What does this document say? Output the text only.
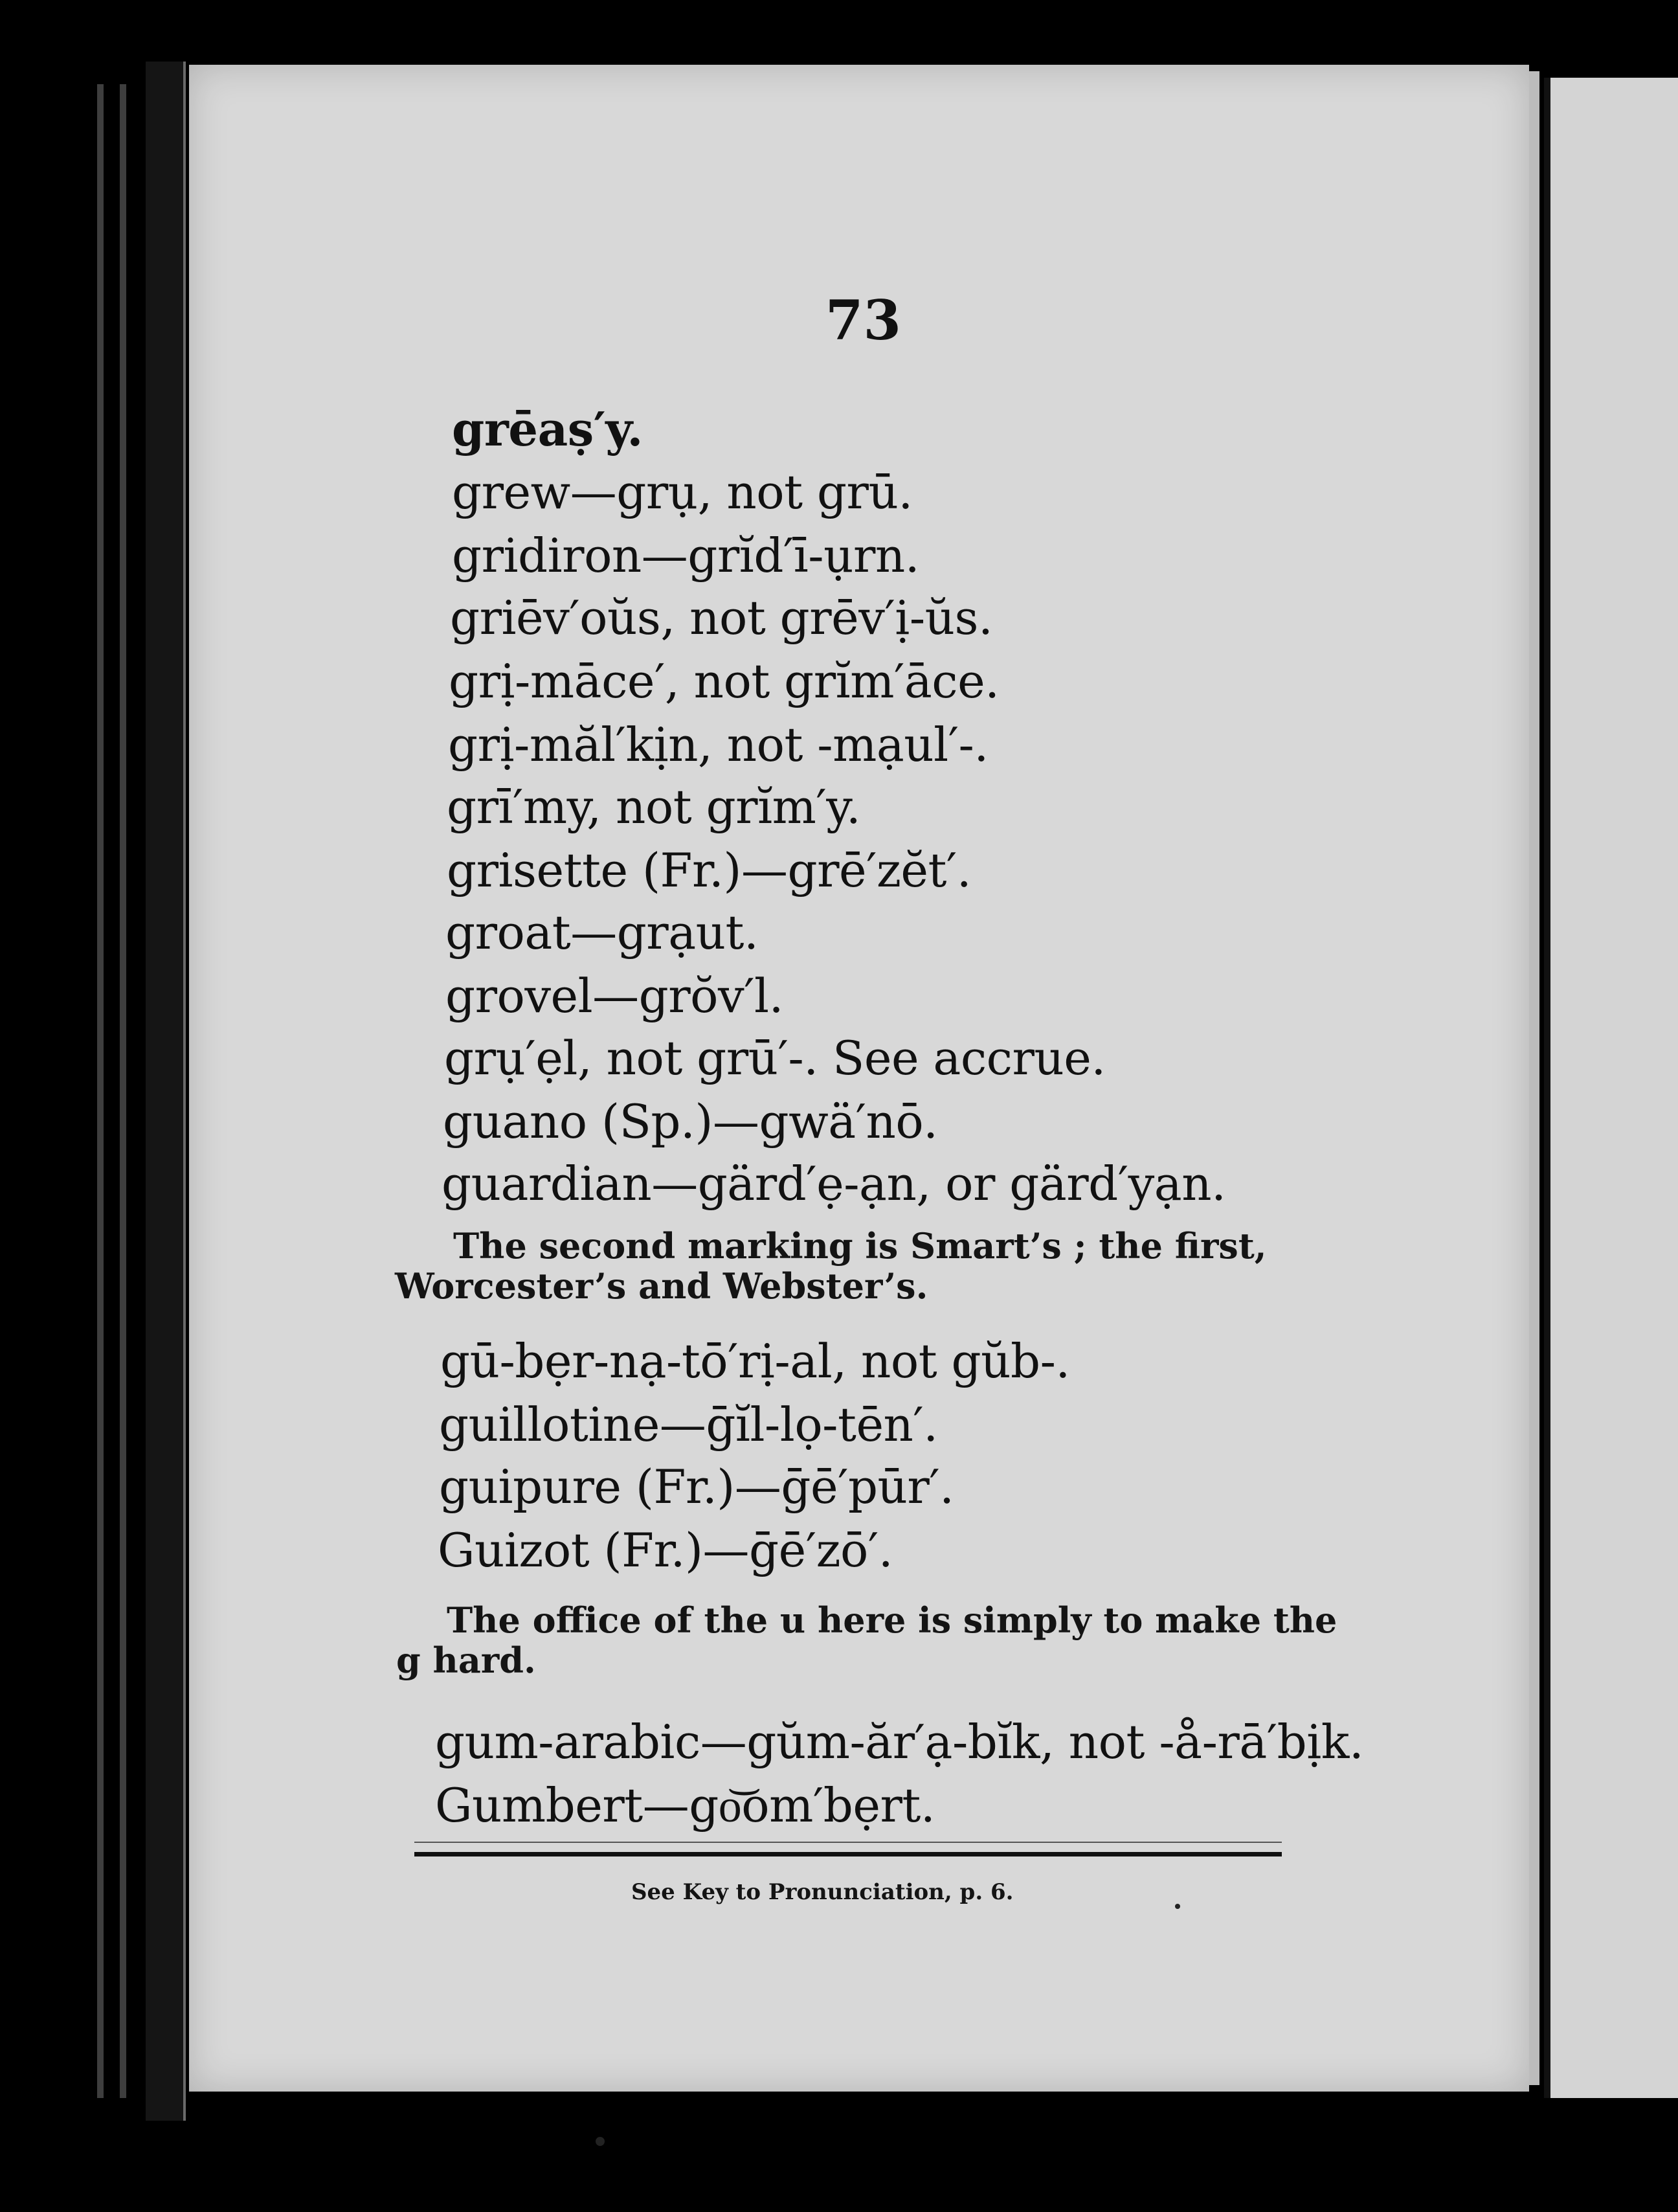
73
grēaṣ′y.
grew—grụ, not grū.
gridiron—grĭd′ī-ụrn.
griēv′oŭs, not grēv′ị-ŭs.
grị-māce′, not grĭm′āce.
grị-măl′kịn, not -mạul′-.
grī′my, not grĭm′y.
grisette (Fr.)—grē′zĕt′.
groat—grạut.
grovel—grŏv′l.
grụ′ẹl, not grū′-. See accrue.
guano (Sp.)—gwä′nō.
guardian—gärd′ẹ-ạn, or gärd′yạn.
The second marking is Smart’s ; the first,
Worcester’s and Webster’s.
gū-bẹr-nạ-tō′rị-al, not gŭb-.
guillotine—ḡĭl-lọ-tēn′.
guipure (Fr.)—ḡē′pūr′.
Guizot (Fr.)—ḡē′zō′.
The office of the u here is simply to make the
g hard.
gum-arabic—gŭm-ăr′ạ-bĭk, not -å-rā′bịk.
Gumbert—go͝om′bẹrt.
See Key to Pronunciation, p. 6.
